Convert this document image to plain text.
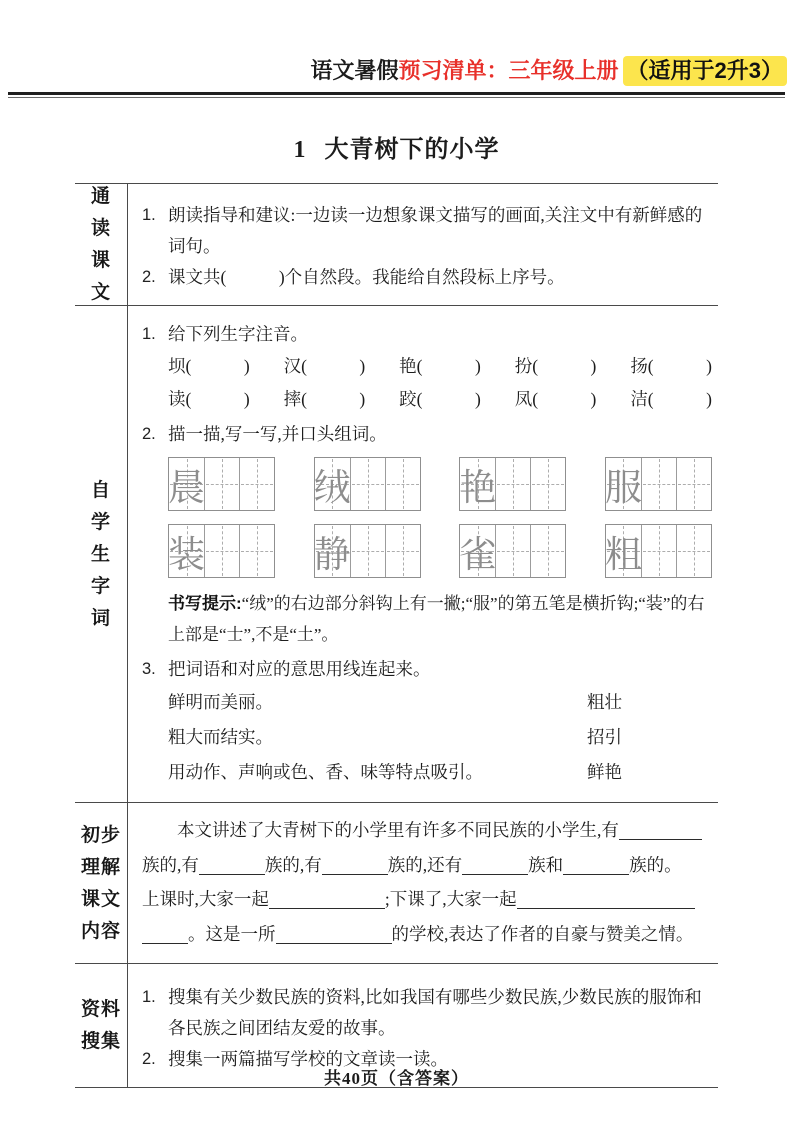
语文暑假预习清单：三年级上册 （适用于2升3）
1 大青树下的小学
通
读
课
文
1. 朗读指导和建议:一边读一边想象课文描写的画面,关注文中有新鲜感的词句。
2. 课文共(　　　)个自然段。我能给自然段标上序号。
自
学
生
字
词
1. 给下列生字注音。
坝(　　　) 汉(　　　) 艳(　　　) 扮(　　　) 扬(　　　)
读(　　　) 摔(　　　) 跤(　　　) 凤(　　　) 洁(　　　)
2. 描一描,写一写,并口头组词。
晨	绒	艳	服
装	静	雀	粗
书写提示:“绒”的右边部分斜钩上有一撇;“服”的第五笔是横折钩;“装”的右上部是“士”,不是“土”。
3. 把词语和对应的意思用线连起来。
鲜明而美丽。	粗壮
粗大而结实。	招引
用动作、声响或色、香、味等特点吸引。	鲜艳
初步
理解
课文
内容
　　本文讲述了大青树下的小学里有许多不同民族的小学生,有
族的,有	族的,有	族的,还有	族和	族的。
上课时,大家一起	;下课了,大家一起
。这是一所	的学校,表达了作者的自豪与赞美之情。
资料
搜集
1. 搜集有关少数民族的资料,比如我国有哪些少数民族,少数民族的服饰和各民族之间团结友爱的故事。
2. 搜集一两篇描写学校的文章读一读。
共40页（含答案）
